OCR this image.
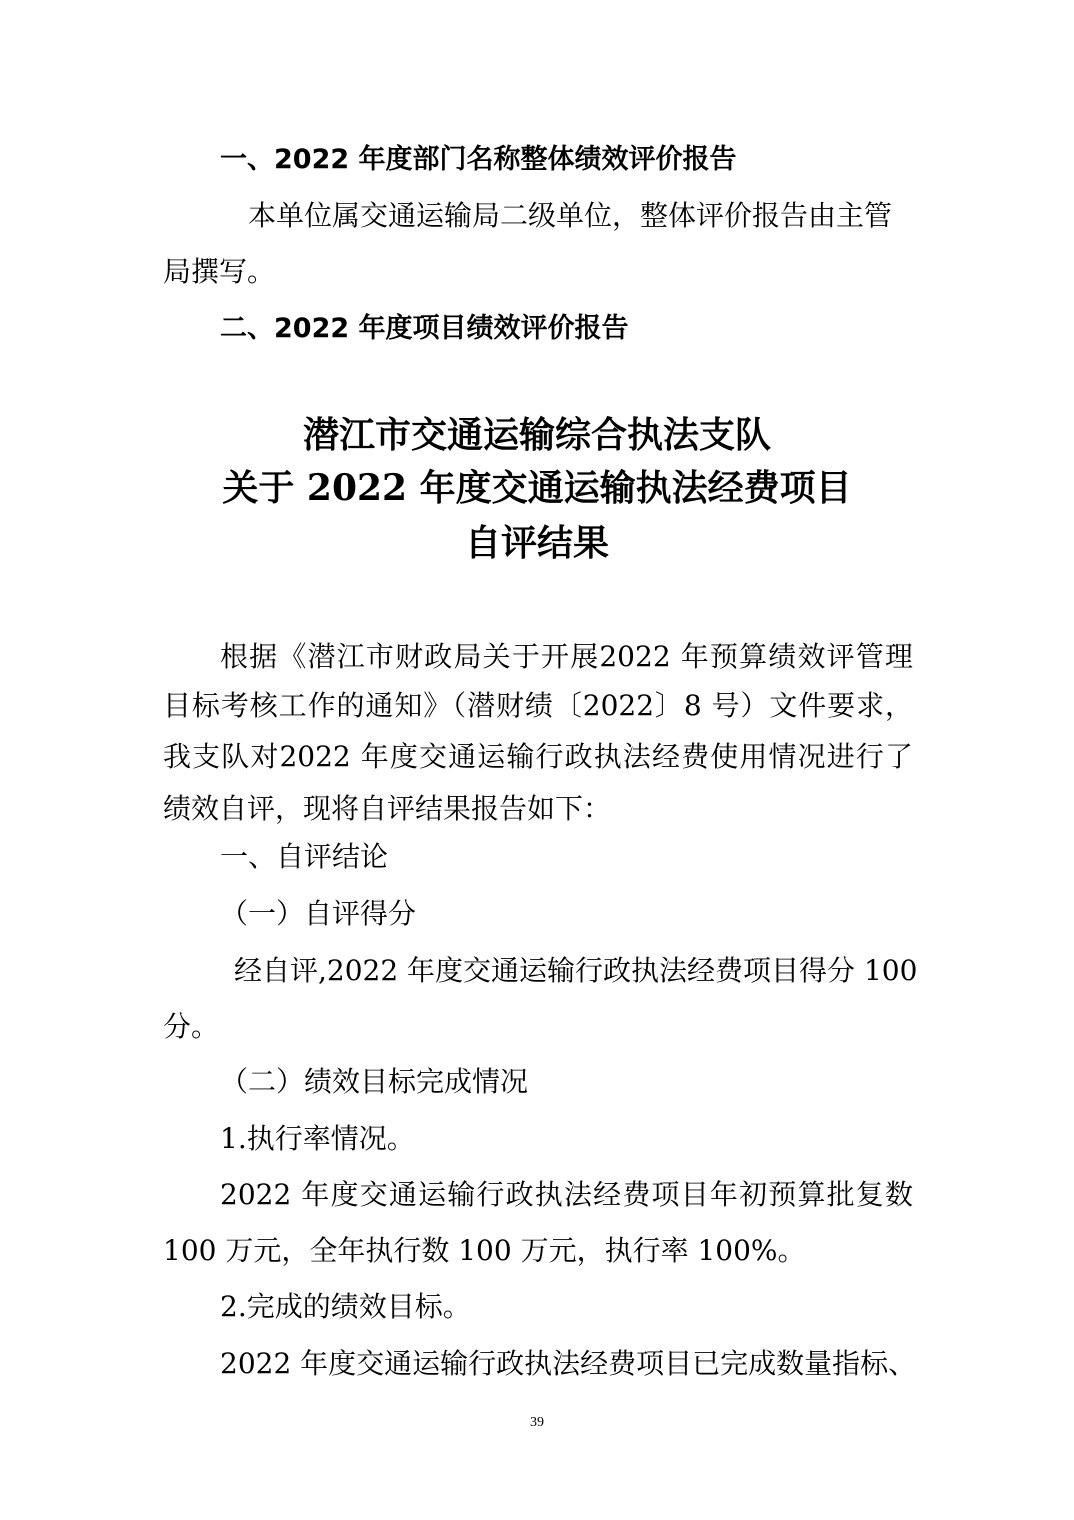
一、2022 年度部门名称整体绩效评价报告
本单位属交通运输局二级单位，整体评价报告由主管
局撰写。
二、2022 年度项目绩效评价报告
潜江市交通运输综合执法支队
关于 2022 年度交通运输执法经费项目
自评结果
根据《潜江市财政局关于开展2022 年预算绩效评管理
目标考核工作的通知》（潜财绩〔2022〕8 号）文件要求，
我支队对2022 年度交通运输行政执法经费使用情况进行了
绩效自评，现将自评结果报告如下：
一、自评结论
（一）自评得分
经自评,2022 年度交通运输行政执法经费项目得分 100
分。
（二）绩效目标完成情况
1.执行率情况。
2022 年度交通运输行政执法经费项目年初预算批复数
100 万元，全年执行数 100 万元，执行率 100%。
2.完成的绩效目标。
2022 年度交通运输行政执法经费项目已完成数量指标、
39
